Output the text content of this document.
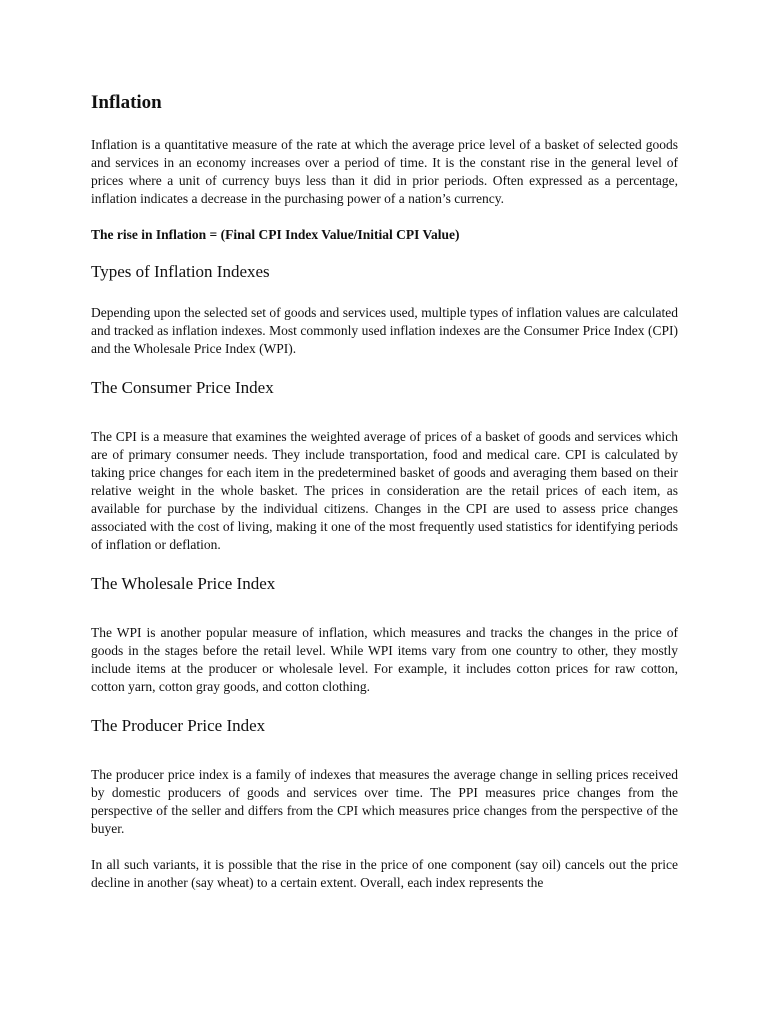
Inflation

Inflation is a quantitative measure of the rate at which the average price level of a basket of selected goods and services in an economy increases over a period of time. It is the constant rise in the general level of prices where a unit of currency buys less than it did in prior periods. Often expressed as a percentage, inflation indicates a decrease in the purchasing power of a nation’s currency.

The rise in Inflation = (Final CPI Index Value/Initial CPI Value)

Types of Inflation Indexes

Depending upon the selected set of goods and services used, multiple types of inflation values are calculated and tracked as inflation indexes. Most commonly used inflation indexes are the Consumer Price Index (CPI) and the Wholesale Price Index (WPI).

The Consumer Price Index

The CPI is a measure that examines the weighted average of prices of a basket of goods and services which are of primary consumer needs. They include transportation, food and medical care. CPI is calculated by taking price changes for each item in the predetermined basket of goods and averaging them based on their relative weight in the whole basket. The prices in consideration are the retail prices of each item, as available for purchase by the individual citizens. Changes in the CPI are used to assess price changes associated with the cost of living, making it one of the most frequently used statistics for identifying periods of inflation or deflation.

The Wholesale Price Index

The WPI is another popular measure of inflation, which measures and tracks the changes in the price of goods in the stages before the retail level. While WPI items vary from one country to other, they mostly include items at the producer or wholesale level. For example, it includes cotton prices for raw cotton, cotton yarn, cotton gray goods, and cotton clothing.

The Producer Price Index

The producer price index is a family of indexes that measures the average change in selling prices received by domestic producers of goods and services over time. The PPI measures price changes from the perspective of the seller and differs from the CPI which measures price changes from the perspective of the buyer.

In all such variants, it is possible that the rise in the price of one component (say oil) cancels out the price decline in another (say wheat) to a certain extent. Overall, each index represents the
